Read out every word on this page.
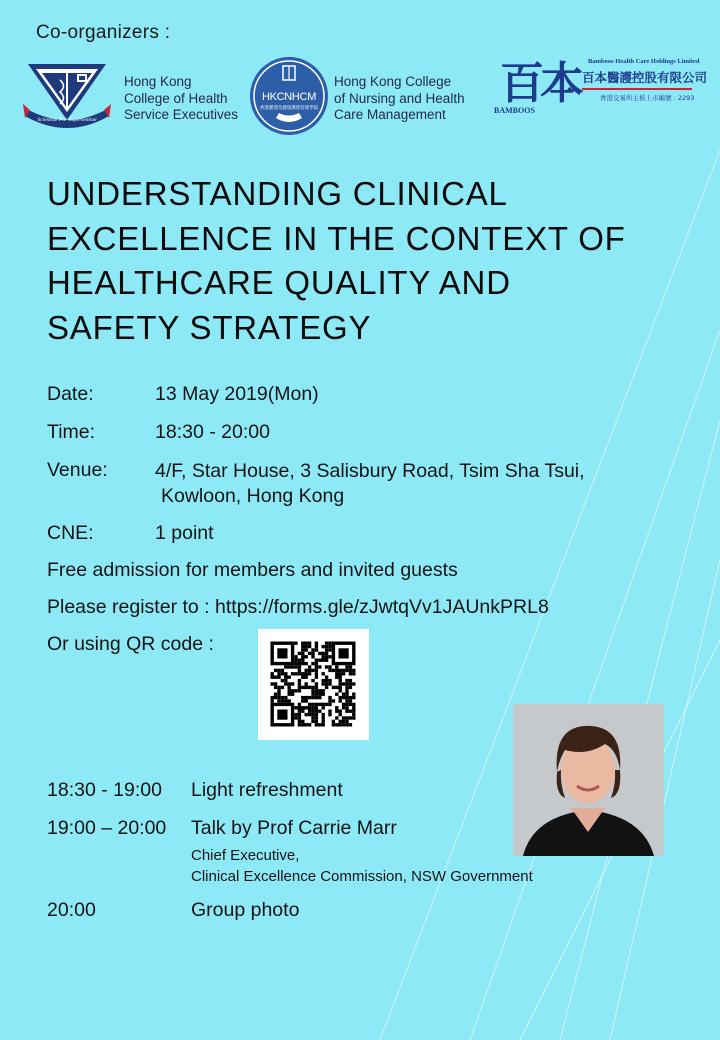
Co-organizers :
Scientiae Par Experientiae
Hong Kong
College of Health
Service Executives
HKCNHCM
香港護理及健康護理管理學院
Hong Kong College
of Nursing and Health
Care Management
百本
BAMBOOS
Bamboos Health Care Holdings Limited
百本醫護控股有限公司
香港交易所主板上市編號 : 2293
UNDERSTANDING CLINICAL
EXCELLENCE IN THE CONTEXT OF
HEALTHCARE QUALITY AND
SAFETY STRATEGY
Date:	13 May 2019(Mon)
Time:	18:30 - 20:00
Venue: 4/F, Star House, 3 Salisbury Road, Tsim Sha Tsui,
Kowloon, Hong Kong
CNE:	1 point
Free admission for members and invited guests
Please register to : https://forms.gle/zJwtqVv1JAUnkPRL8
Or using QR code :
18:30 - 19:00 Light refreshment
19:00 – 20:00 Talk by Prof Carrie Marr
Chief Executive,
Clinical Excellence Commission, NSW Government
20:00	Group photo
